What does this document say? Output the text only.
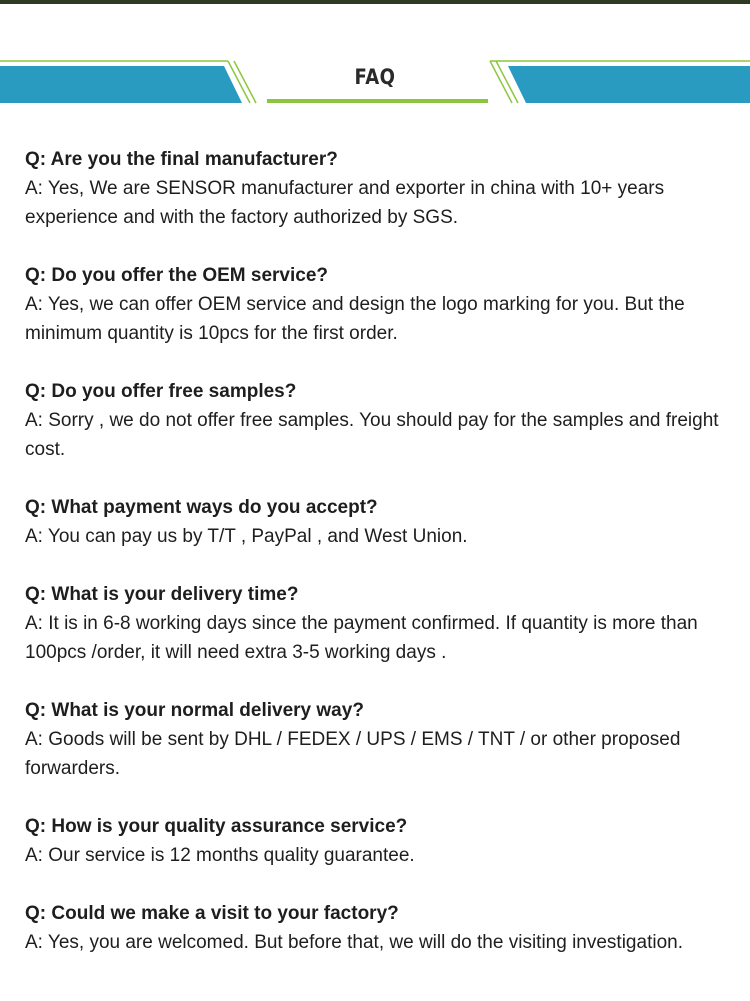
FAQ

Q: Are you the final manufacturer?

A: Yes, We are SENSOR manufacturer and exporter in china with 10+ years experience and with the factory authorized by SGS.

Q: Do you offer the OEM service?

A: Yes, we can offer OEM service and design the logo marking for you. But the minimum quantity is 10pcs for the first order.

Q: Do you offer free samples?

A: Sorry , we do not offer free samples. You should pay for the samples and freight cost.

Q: What payment ways do you accept?

A: You can pay us by T/T , PayPal , and West Union.

Q: What is your delivery time?

A: It is in 6-8 working days since the payment confirmed. If quantity is more than 100pcs /order, it will need extra 3-5 working days .

Q: What is your normal delivery way?

A: Goods will be sent by DHL / FEDEX / UPS / EMS / TNT / or other proposed forwarders.

Q: How is your quality assurance service?

A: Our service is 12 months quality guarantee.

Q: Could we make a visit to your factory?

A: Yes, you are welcomed. But before that, we will do the visiting investigation.
